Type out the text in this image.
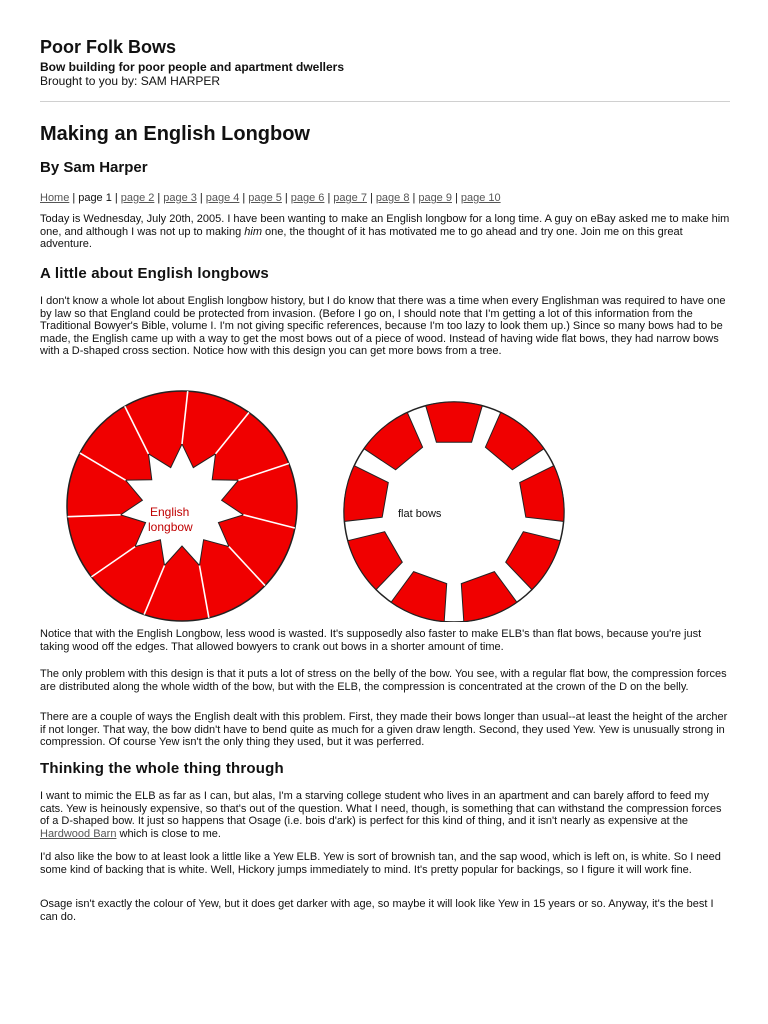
Poor Folk Bows
Bow building for poor people and apartment dwellers
Brought to you by: SAM HARPER
Making an English Longbow
By Sam Harper
Home | page 1 | page 2 | page 3 | page 4 | page 5 | page 6 | page 7 | page 8 | page 9 | page 10

Today is Wednesday, July 20th, 2005. I have been wanting to make an English longbow for a long time. A guy on eBay asked me to make him one, and although I was not up to making him one, the thought of it has motivated me to go ahead and try one. Join me on this great adventure.

A little about English longbows

I don't know a whole lot about English longbow history, but I do know that there was a time when every Englishman was required to have one by law so that England could be protected from invasion. (Before I go on, I should note that I'm getting a lot of this information from the Traditional Bowyer's Bible, volume I. I'm not giving specific references, because I'm too lazy to look them up.) Since so many bows had to be made, the English came up with a way to get the most bows out of a piece of wood. Instead of having wide flat bows, they had narrow bows with a D-shaped cross section. Notice how with this design you can get more bows from a tree.

English
longbow
flat bows

Notice that with the English Longbow, less wood is wasted. It's supposedly also faster to make ELB's than flat bows, because you're just taking wood off the edges. That allowed bowyers to crank out bows in a shorter amount of time.

The only problem with this design is that it puts a lot of stress on the belly of the bow. You see, with a regular flat bow, the compression forces are distributed along the whole width of the bow, but with the ELB, the compression is concentrated at the crown of the D on the belly.

There are a couple of ways the English dealt with this problem. First, they made their bows longer than usual--at least the height of the archer if not longer. That way, the bow didn't have to bend quite as much for a given draw length. Second, they used Yew. Yew is unusually strong in compression. Of course Yew isn't the only thing they used, but it was perferred.

Thinking the whole thing through

I want to mimic the ELB as far as I can, but alas, I'm a starving college student who lives in an apartment and can barely afford to feed my cats. Yew is heinously expensive, so that's out of the question. What I need, though, is something that can withstand the compression forces of a D-shaped bow. It just so happens that Osage (i.e. bois d'ark) is perfect for this kind of thing, and it isn't nearly as expensive at the Hardwood Barn which is close to me.

I'd also like the bow to at least look a little like a Yew ELB. Yew is sort of brownish tan, and the sap wood, which is left on, is white. So I need some kind of backing that is white. Well, Hickory jumps immediately to mind. It's pretty popular for backings, so I figure it will work fine.

Osage isn't exactly the colour of Yew, but it does get darker with age, so maybe it will look like Yew in 15 years or so. Anyway, it's the best I can do.
